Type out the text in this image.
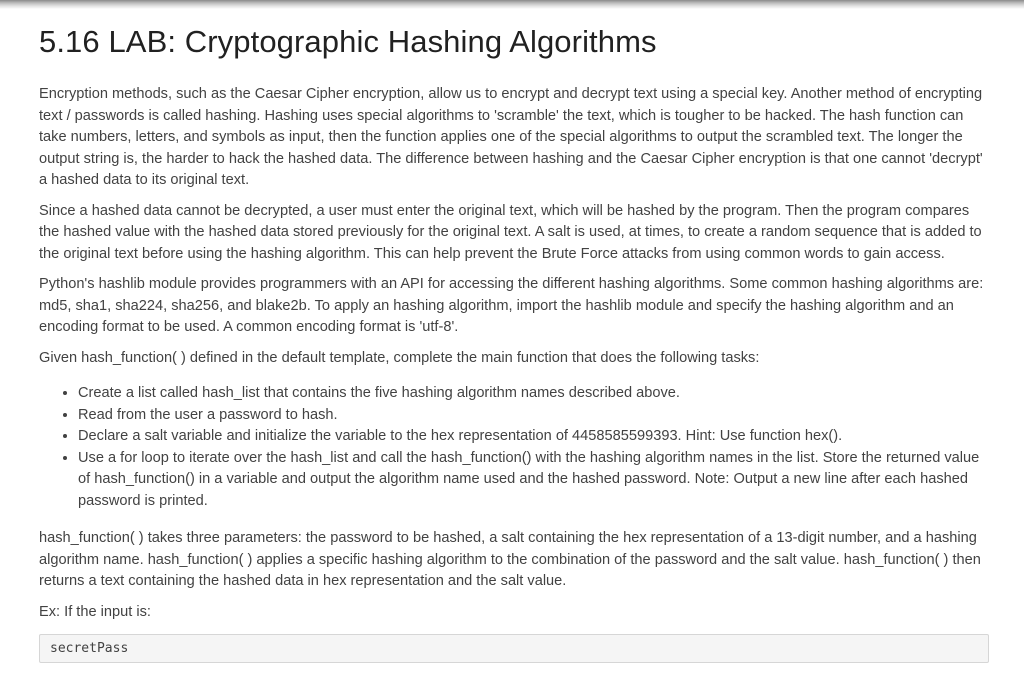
5.16 LAB: Cryptographic Hashing Algorithms

Encryption methods, such as the Caesar Cipher encryption, allow us to encrypt and decrypt text using a special key. Another method of encrypting text / passwords is called hashing. Hashing uses special algorithms to 'scramble' the text, which is tougher to be hacked. The hash function can take numbers, letters, and symbols as input, then the function applies one of the special algorithms to output the scrambled text. The longer the output string is, the harder to hack the hashed data. The difference between hashing and the Caesar Cipher encryption is that one cannot 'decrypt' a hashed data to its original text.

Since a hashed data cannot be decrypted, a user must enter the original text, which will be hashed by the program. Then the program compares the hashed value with the hashed data stored previously for the original text. A salt is used, at times, to create a random sequence that is added to the original text before using the hashing algorithm. This can help prevent the Brute Force attacks from using common words to gain access.

Python's hashlib module provides programmers with an API for accessing the different hashing algorithms. Some common hashing algorithms are: md5, sha1, sha224, sha256, and blake2b. To apply an hashing algorithm, import the hashlib module and specify the hashing algorithm and an encoding format to be used. A common encoding format is 'utf-8'.

Given hash_function( ) defined in the default template, complete the main function that does the following tasks:

• Create a list called hash_list that contains the five hashing algorithm names described above.
• Read from the user a password to hash.
• Declare a salt variable and initialize the variable to the hex representation of 4458585599393. Hint: Use function hex().
• Use a for loop to iterate over the hash_list and call the hash_function() with the hashing algorithm names in the list. Store the returned value of hash_function() in a variable and output the algorithm name used and the hashed password. Note: Output a new line after each hashed password is printed.

hash_function( ) takes three parameters: the password to be hashed, a salt containing the hex representation of a 13-digit number, and a hashing algorithm name. hash_function( ) applies a specific hashing algorithm to the combination of the password and the salt value. hash_function( ) then returns a text containing the hashed data in hex representation and the salt value.

Ex: If the input is:

secretPass
